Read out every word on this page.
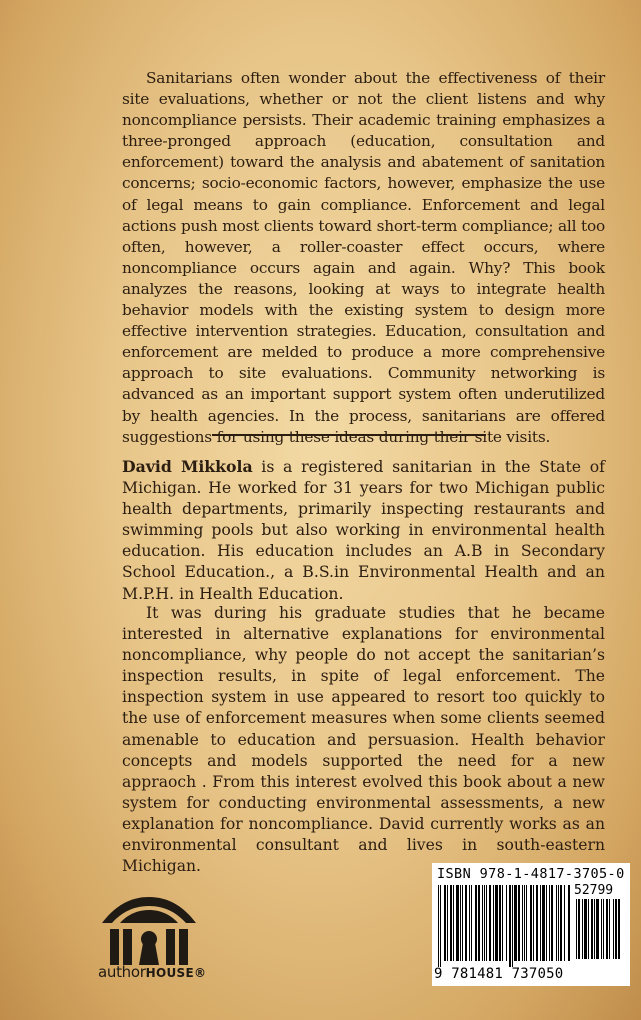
Sanitarians often wonder about the effectiveness of their site evaluations, whether or not the client listens and why noncompliance persists. Their academic training emphasizes a three-pronged approach (education, consultation and enforcement) toward the analysis and abatement of sanitation concerns; socio-economic factors, however, emphasize the use of legal means to gain compliance. Enforcement and legal actions push most clients toward short-term compliance; all too often, however, a roller-coaster effect occurs, where noncompliance occurs again and again. Why? This book analyzes the reasons, looking at ways to integrate health behavior models with the existing system to design more effective intervention strategies. Education, consultation and enforcement are melded to produce a more comprehensive approach to site evaluations. Community networking is advanced as an important support system often underutilized by health agencies. In the process, sanitarians are offered suggestions for using these ideas during their site visits.

David Mikkola is a registered sanitarian in the State of Michigan. He worked for 31 years for two Michigan public health departments, primarily inspecting restaurants and swimming pools but also working in environmental health education. His education includes an A.B in Secondary School Education., a B.S.in Environmental Health and an M.P.H. in Health Education.

It was during his graduate studies that he became interested in alternative explanations for environmental noncompliance, why people do not accept the sanitarian’s inspection results, in spite of legal enforcement. The inspection system in use appeared to resort too quickly to the use of enforcement measures when some clients seemed amenable to education and persuasion. Health behavior concepts and models supported the need for a new appraoch . From this interest evolved this book about a new system for conducting environmental assessments, a new explanation for noncompliance. David currently works as an environmental consultant and lives in south-eastern Michigan.

authorHOUSE®
ISBN 978-1-4817-3705-0
52799
9 781481 737050
